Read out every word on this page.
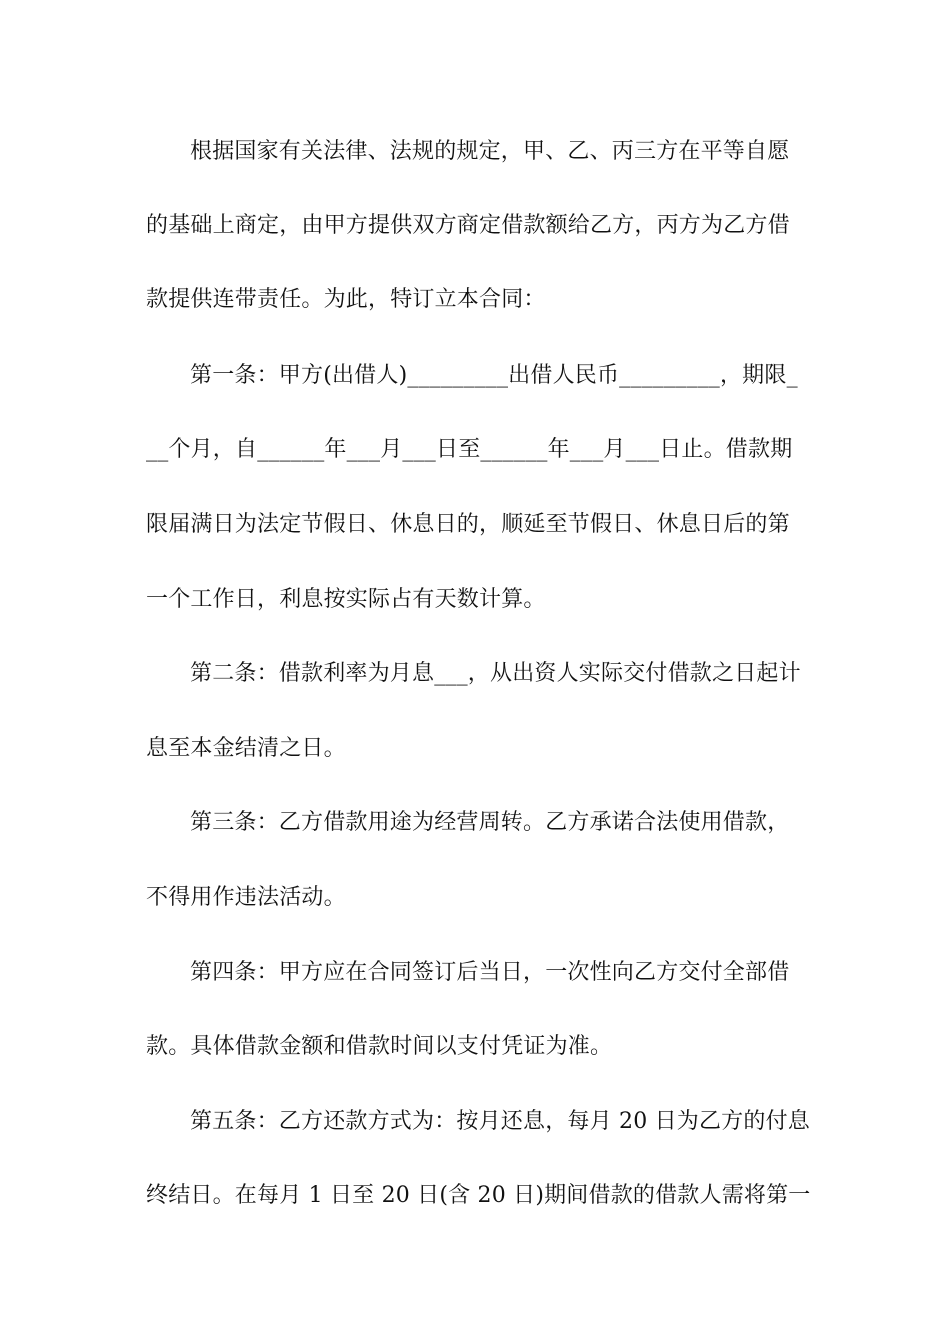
根据国家有关法律、法规的规定，甲、乙、丙三方在平等自愿
的基础上商定，由甲方提供双方商定借款额给乙方，丙方为乙方借
款提供连带责任。为此，特订立本合同：
第一条：甲方(出借人)_________出借人民币_________，期限_
__个月，自______年___月___日至______年___月___日止。借款期
限届满日为法定节假日、休息日的，顺延至节假日、休息日后的第
一个工作日，利息按实际占有天数计算。
第二条：借款利率为月息___，从出资人实际交付借款之日起计
息至本金结清之日。
第三条：乙方借款用途为经营周转。乙方承诺合法使用借款，
不得用作违法活动。
第四条：甲方应在合同签订后当日，一次性向乙方交付全部借
款。具体借款金额和借款时间以支付凭证为准。
第五条：乙方还款方式为：按月还息，每月 20 日为乙方的付息
终结日。在每月 1 日至 20 日(含 20 日)期间借款的借款人需将第一
